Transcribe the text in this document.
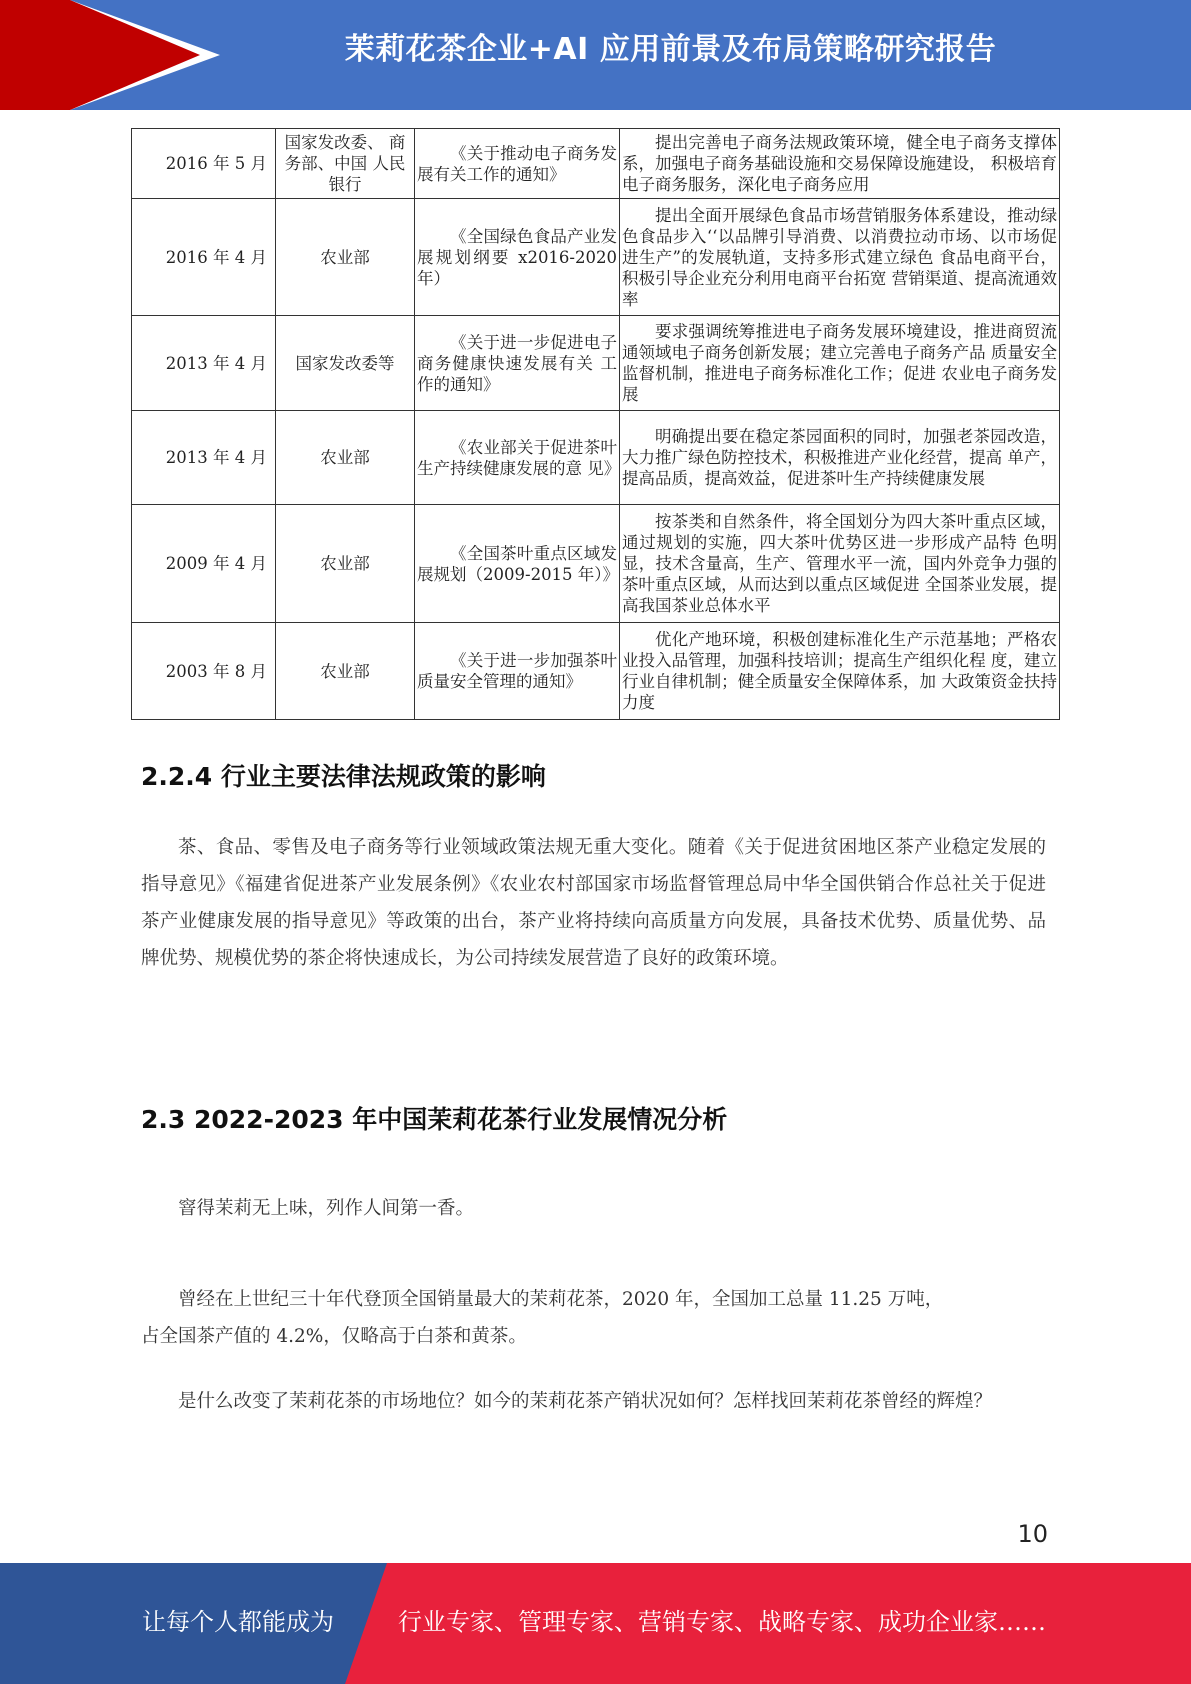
茉莉花茶企业+AI 应用前景及布局策略研究报告
2016 年 5 月	国家发改委、 商务部、中国 人民银行	《关于推动电子商务发 展有关工作的通知》	提出完善电子商务法规政策环境，健全电子商务支撑体系，加强电子商务基础设施和交易保障设施建设， 积极培育电子商务服务，深化电子商务应用
2016 年 4 月	农业部	《全国绿色食品产业发 展规划纲要 x2016-2020 年）	提出全面开展绿色食品市场营销服务体系建设，推动绿色食品步入‘‘以品牌引导消费、以消费拉动市场、以市场促进生产”的发展轨道，支持多形式建立绿色 食品电商平台，积极引导企业充分利用电商平台拓宽 营销渠道、提高流通效率
2013 年 4 月	国家发改委等	《关于进一步促进电子 商务健康快速发展有关 工作的通知》	要求强调统筹推进电子商务发展环境建设，推进商贸流通领域电子商务创新发展；建立完善电子商务产品 质量安全监督机制，推进电子商务标准化工作；促进 农业电子商务发展
2013 年 4 月	农业部	《农业部关于促进茶叶 生产持续健康发展的意 见》	明确提出要在稳定茶园面积的同时，加强老茶园改造， 大力推广绿色防控技术，积极推进产业化经营，提高 单产，提高品质，提高效益，促进茶叶生产持续健康发展
2009 年 4 月	农业部	《全国茶叶重点区域发 展规划（2009-2015 年）》	按茶类和自然条件，将全国划分为四大茶叶重点区域， 通过规划的实施，四大茶叶优势区进一步形成产品特 色明显，技术含量高，生产、管理水平一流，国内外竞争力强的茶叶重点区域，从而达到以重点区域促进 全国茶业发展，提高我国茶业总体水平
2003 年 8 月	农业部	《关于进一步加强茶叶 质量安全管理的通知》	优化产地环境，积极创建标准化生产示范基地；严格农业投入品管理，加强科技培训；提高生产组织化程 度，建立行业自律机制；健全质量安全保障体系，加 大政策资金扶持力度
2.2.4 行业主要法律法规政策的影响
茶、食品、零售及电子商务等行业领域政策法规无重大变化。随着《关于促进贫困地区茶产业稳定发展的指导意见》《福建省促进茶产业发展条例》《农业农村部国家市场监督管理总局中华全国供销合作总社关于促进茶产业健康发展的指导意见》等政策的出台，茶产业将持续向高质量方向发展，具备技术优势、质量优势、品牌优势、规模优势的茶企将快速成长，为公司持续发展营造了良好的政策环境。
2.3 2022-2023 年中国茉莉花茶行业发展情况分析
窨得茉莉无上味，列作人间第一香。
曾经在上世纪三十年代登顶全国销量最大的茉莉花茶，2020 年，全国加工总量 11.25 万吨，
占全国茶产值的 4.2%，仅略高于白茶和黄茶。
是什么改变了茉莉花茶的市场地位？如今的茉莉花茶产销状况如何？怎样找回茉莉花茶曾经的辉煌？
10
让每个人都能成为	行业专家、管理专家、营销专家、战略专家、成功企业家……
